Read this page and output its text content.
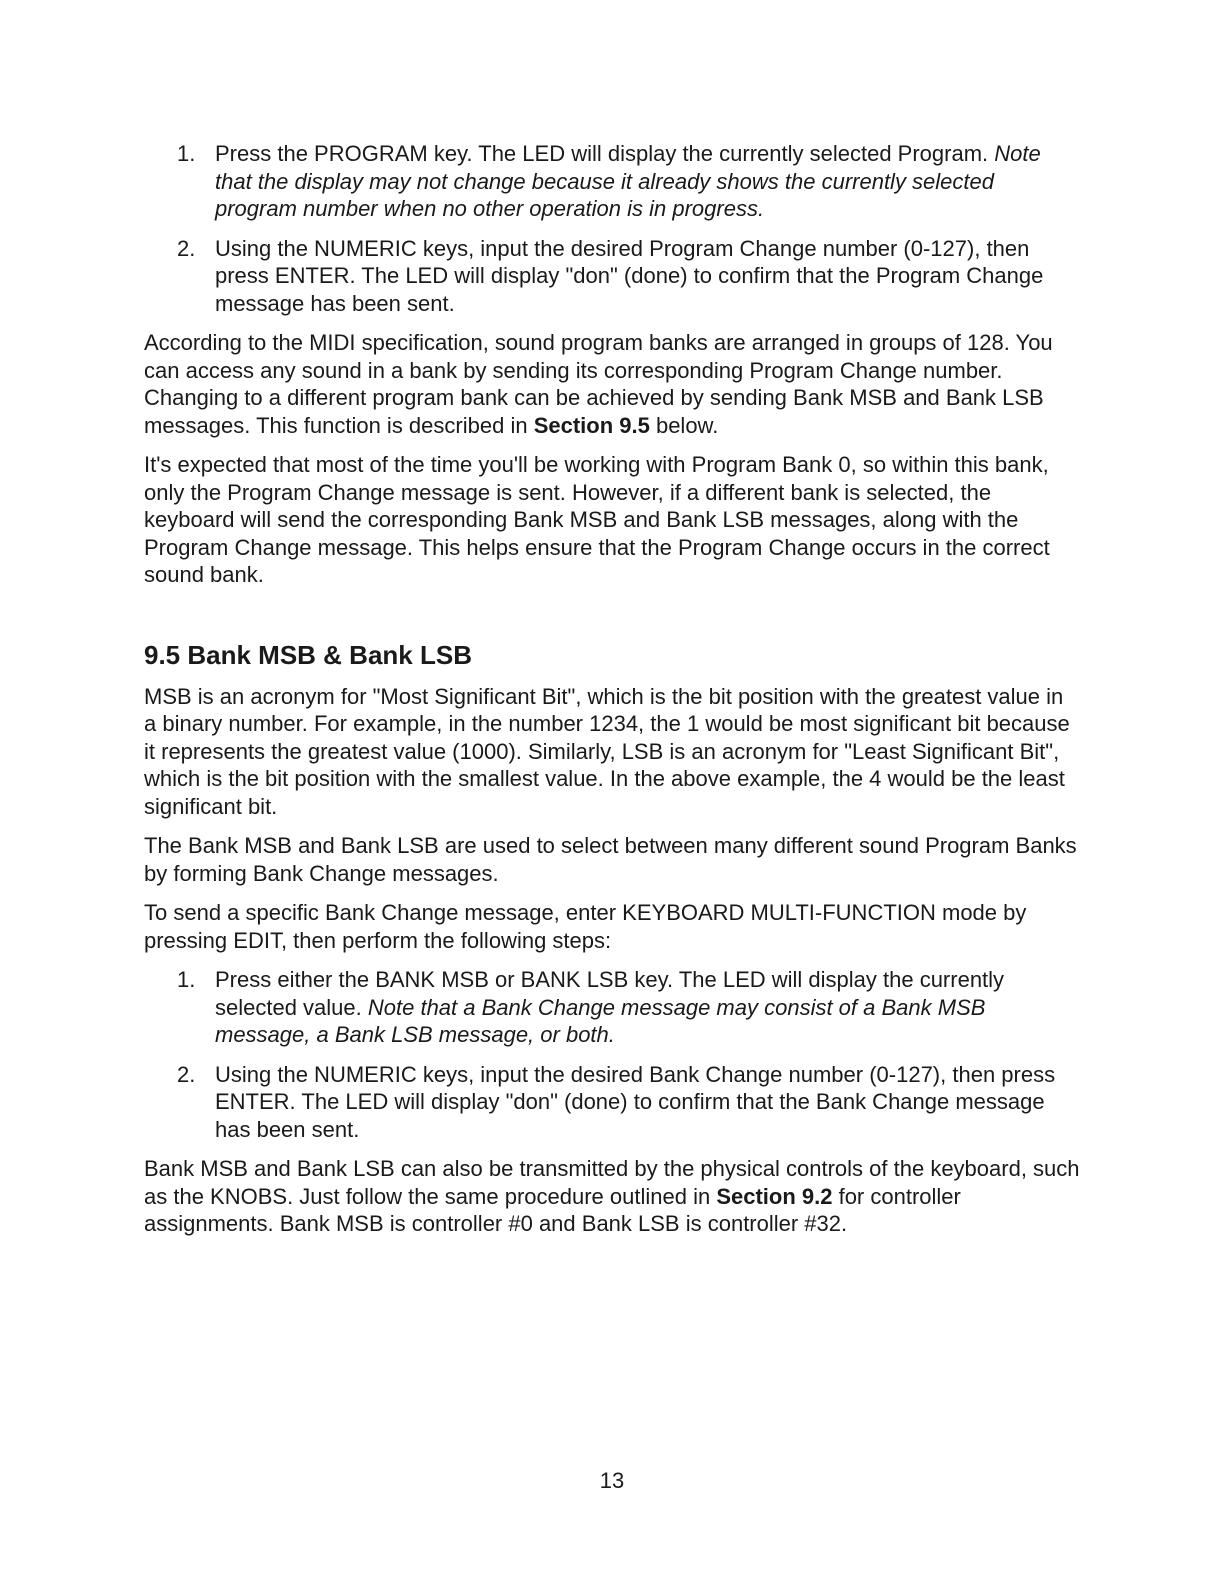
1. Press the PROGRAM key. The LED will display the currently selected Program. Note that the display may not change because it already shows the currently selected program number when no other operation is in progress.
2. Using the NUMERIC keys, input the desired Program Change number (0-127), then press ENTER. The LED will display "don" (done) to confirm that the Program Change message has been sent.

According to the MIDI specification, sound program banks are arranged in groups of 128. You can access any sound in a bank by sending its corresponding Program Change number. Changing to a different program bank can be achieved by sending Bank MSB and Bank LSB messages. This function is described in Section 9.5 below.

It's expected that most of the time you'll be working with Program Bank 0, so within this bank, only the Program Change message is sent. However, if a different bank is selected, the keyboard will send the corresponding Bank MSB and Bank LSB messages, along with the Program Change message. This helps ensure that the Program Change occurs in the correct sound bank.

9.5 Bank MSB & Bank LSB

MSB is an acronym for "Most Significant Bit", which is the bit position with the greatest value in a binary number. For example, in the number 1234, the 1 would be most significant bit because it represents the greatest value (1000). Similarly, LSB is an acronym for "Least Significant Bit", which is the bit position with the smallest value. In the above example, the 4 would be the least significant bit.

The Bank MSB and Bank LSB are used to select between many different sound Program Banks by forming Bank Change messages.

To send a specific Bank Change message, enter KEYBOARD MULTI-FUNCTION mode by pressing EDIT, then perform the following steps:

1. Press either the BANK MSB or BANK LSB key. The LED will display the currently selected value. Note that a Bank Change message may consist of a Bank MSB message, a Bank LSB message, or both.
2. Using the NUMERIC keys, input the desired Bank Change number (0-127), then press ENTER. The LED will display "don" (done) to confirm that the Bank Change message has been sent.

Bank MSB and Bank LSB can also be transmitted by the physical controls of the keyboard, such as the KNOBS. Just follow the same procedure outlined in Section 9.2 for controller assignments. Bank MSB is controller #0 and Bank LSB is controller #32.

13
